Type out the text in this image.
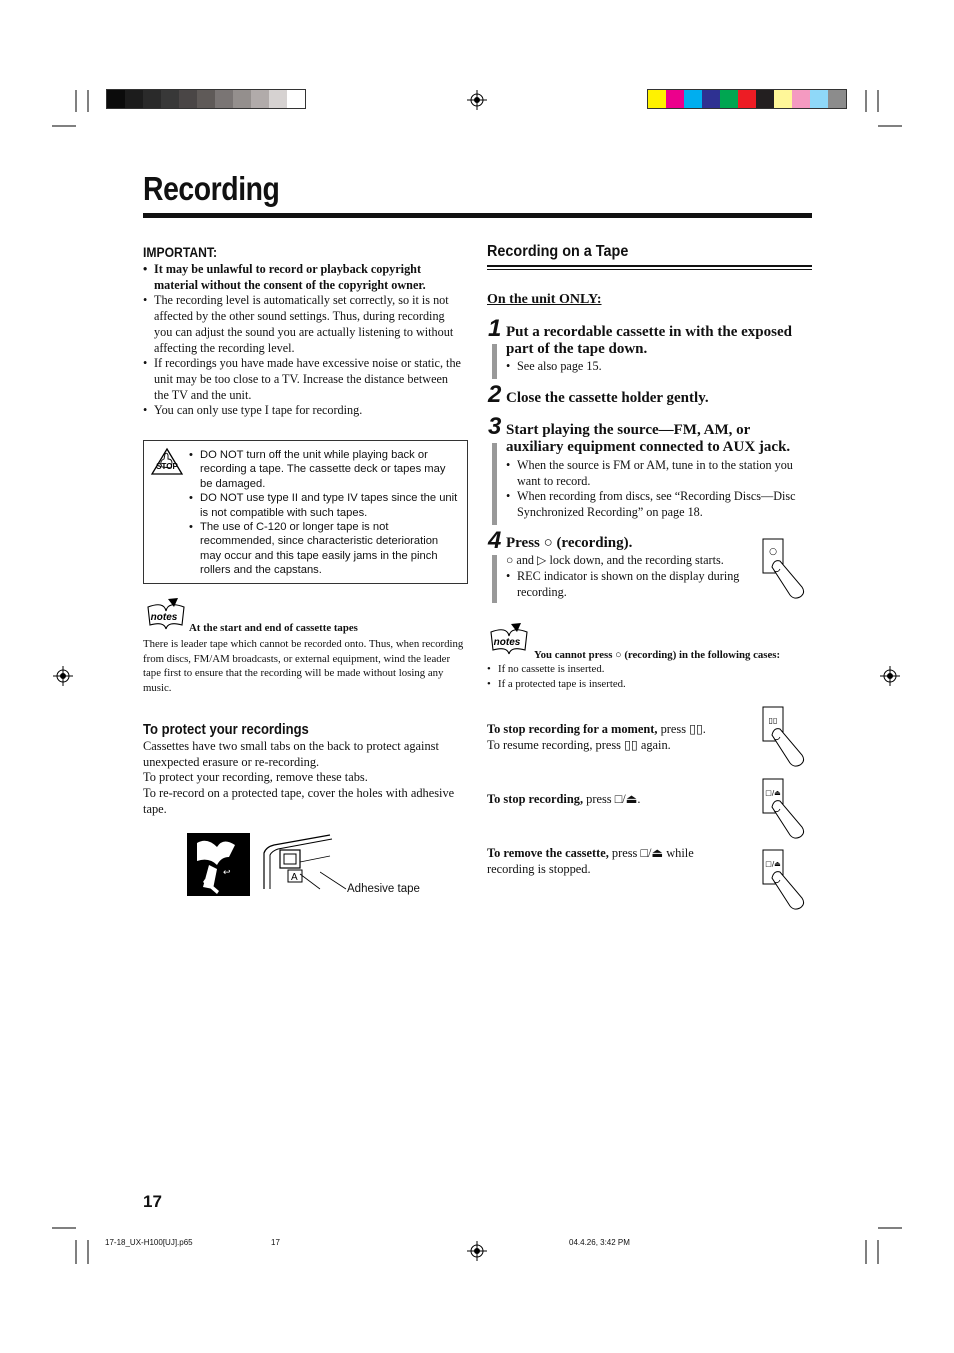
Recording
IMPORTANT:
• It may be unlawful to record or playback copyright material without the consent of the copyright owner.
• The recording level is automatically set correctly, so it is not affected by the other sound settings. Thus, during recording you can adjust the sound you are actually listening to without affecting the recording level.
• If recordings you have made have excessive noise or static, the unit may be too close to a TV. Increase the distance between the TV and the unit.
• You can only use type I tape for recording.
STOP
• DO NOT turn off the unit while playing back or recording a tape. The cassette deck or tapes may be damaged.
• DO NOT use type II and type IV tapes since the unit is not compatible with such tapes.
• The use of C-120 or longer tape is not recommended, since characteristic deterioration may occur and this tape easily jams in the pinch rollers and the capstans.
notes
At the start and end of cassette tapes
There is leader tape which cannot be recorded onto. Thus, when recording from discs, FM/AM broadcasts, or external equipment, wind the leader tape first to ensure that the recording will be made without losing any music.
To protect your recordings
Cassettes have two small tabs on the back to protect against unexpected erasure or re-recording.
To protect your recording, remove these tabs.
To re-record on a protected tape, cover the holes with adhesive tape.
↩	A
Adhesive tape
Recording on a Tape
On the unit ONLY:
1 Put a recordable cassette in with the exposed part of the tape down.
• See also page 15.
2 Close the cassette holder gently.
3 Start playing the source—FM, AM, or auxiliary equipment connected to AUX jack.
• When the source is FM or AM, tune in to the station you want to record.
• When recording from discs, see “Recording Discs—Disc Synchronized Recording” on page 18.
4 Press ○ (recording).
○ and ▷ lock down, and the recording starts.
• REC indicator is shown on the display during recording.
○
notes
You cannot press ○ (recording) in the following cases:
• If no cassette is inserted.
• If a protected tape is inserted.
To stop recording for a moment, press ▯▯.
To resume recording, press ▯▯ again.
▯▯
To stop recording, press □/⏏.	□/⏏
To remove the cassette, press □/⏏ while recording is stopped.	□/⏏
17
17-18_UX-H100[UJ].p65	17	04.4.26, 3:42 PM
